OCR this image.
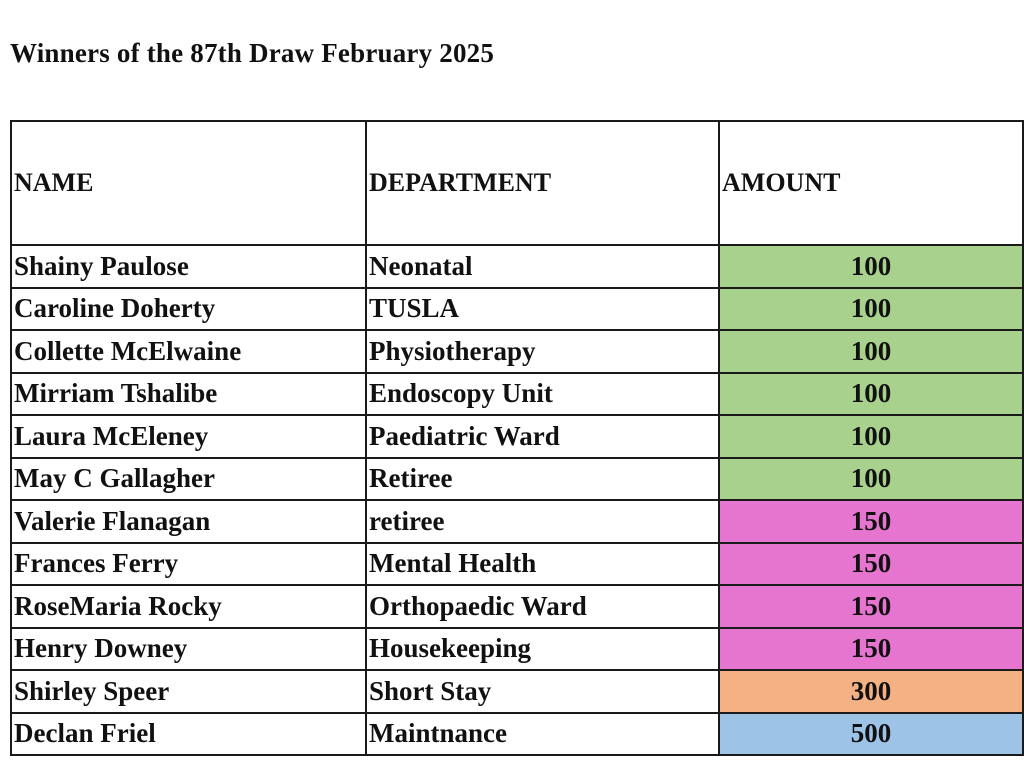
Winners of the 87th Draw February 2025
NAME	DEPARTMENT	AMOUNT
Shainy Paulose	Neonatal	100
Caroline Doherty	TUSLA	100
Collette McElwaine	Physiotherapy	100
Mirriam Tshalibe	Endoscopy Unit	100
Laura McEleney	Paediatric Ward	100
May C Gallagher	Retiree	100
Valerie Flanagan	retiree	150
Frances Ferry	Mental Health	150
RoseMaria Rocky	Orthopaedic Ward	150
Henry Downey	Housekeeping	150
Shirley Speer	Short Stay	300
Declan Friel	Maintnance	500
